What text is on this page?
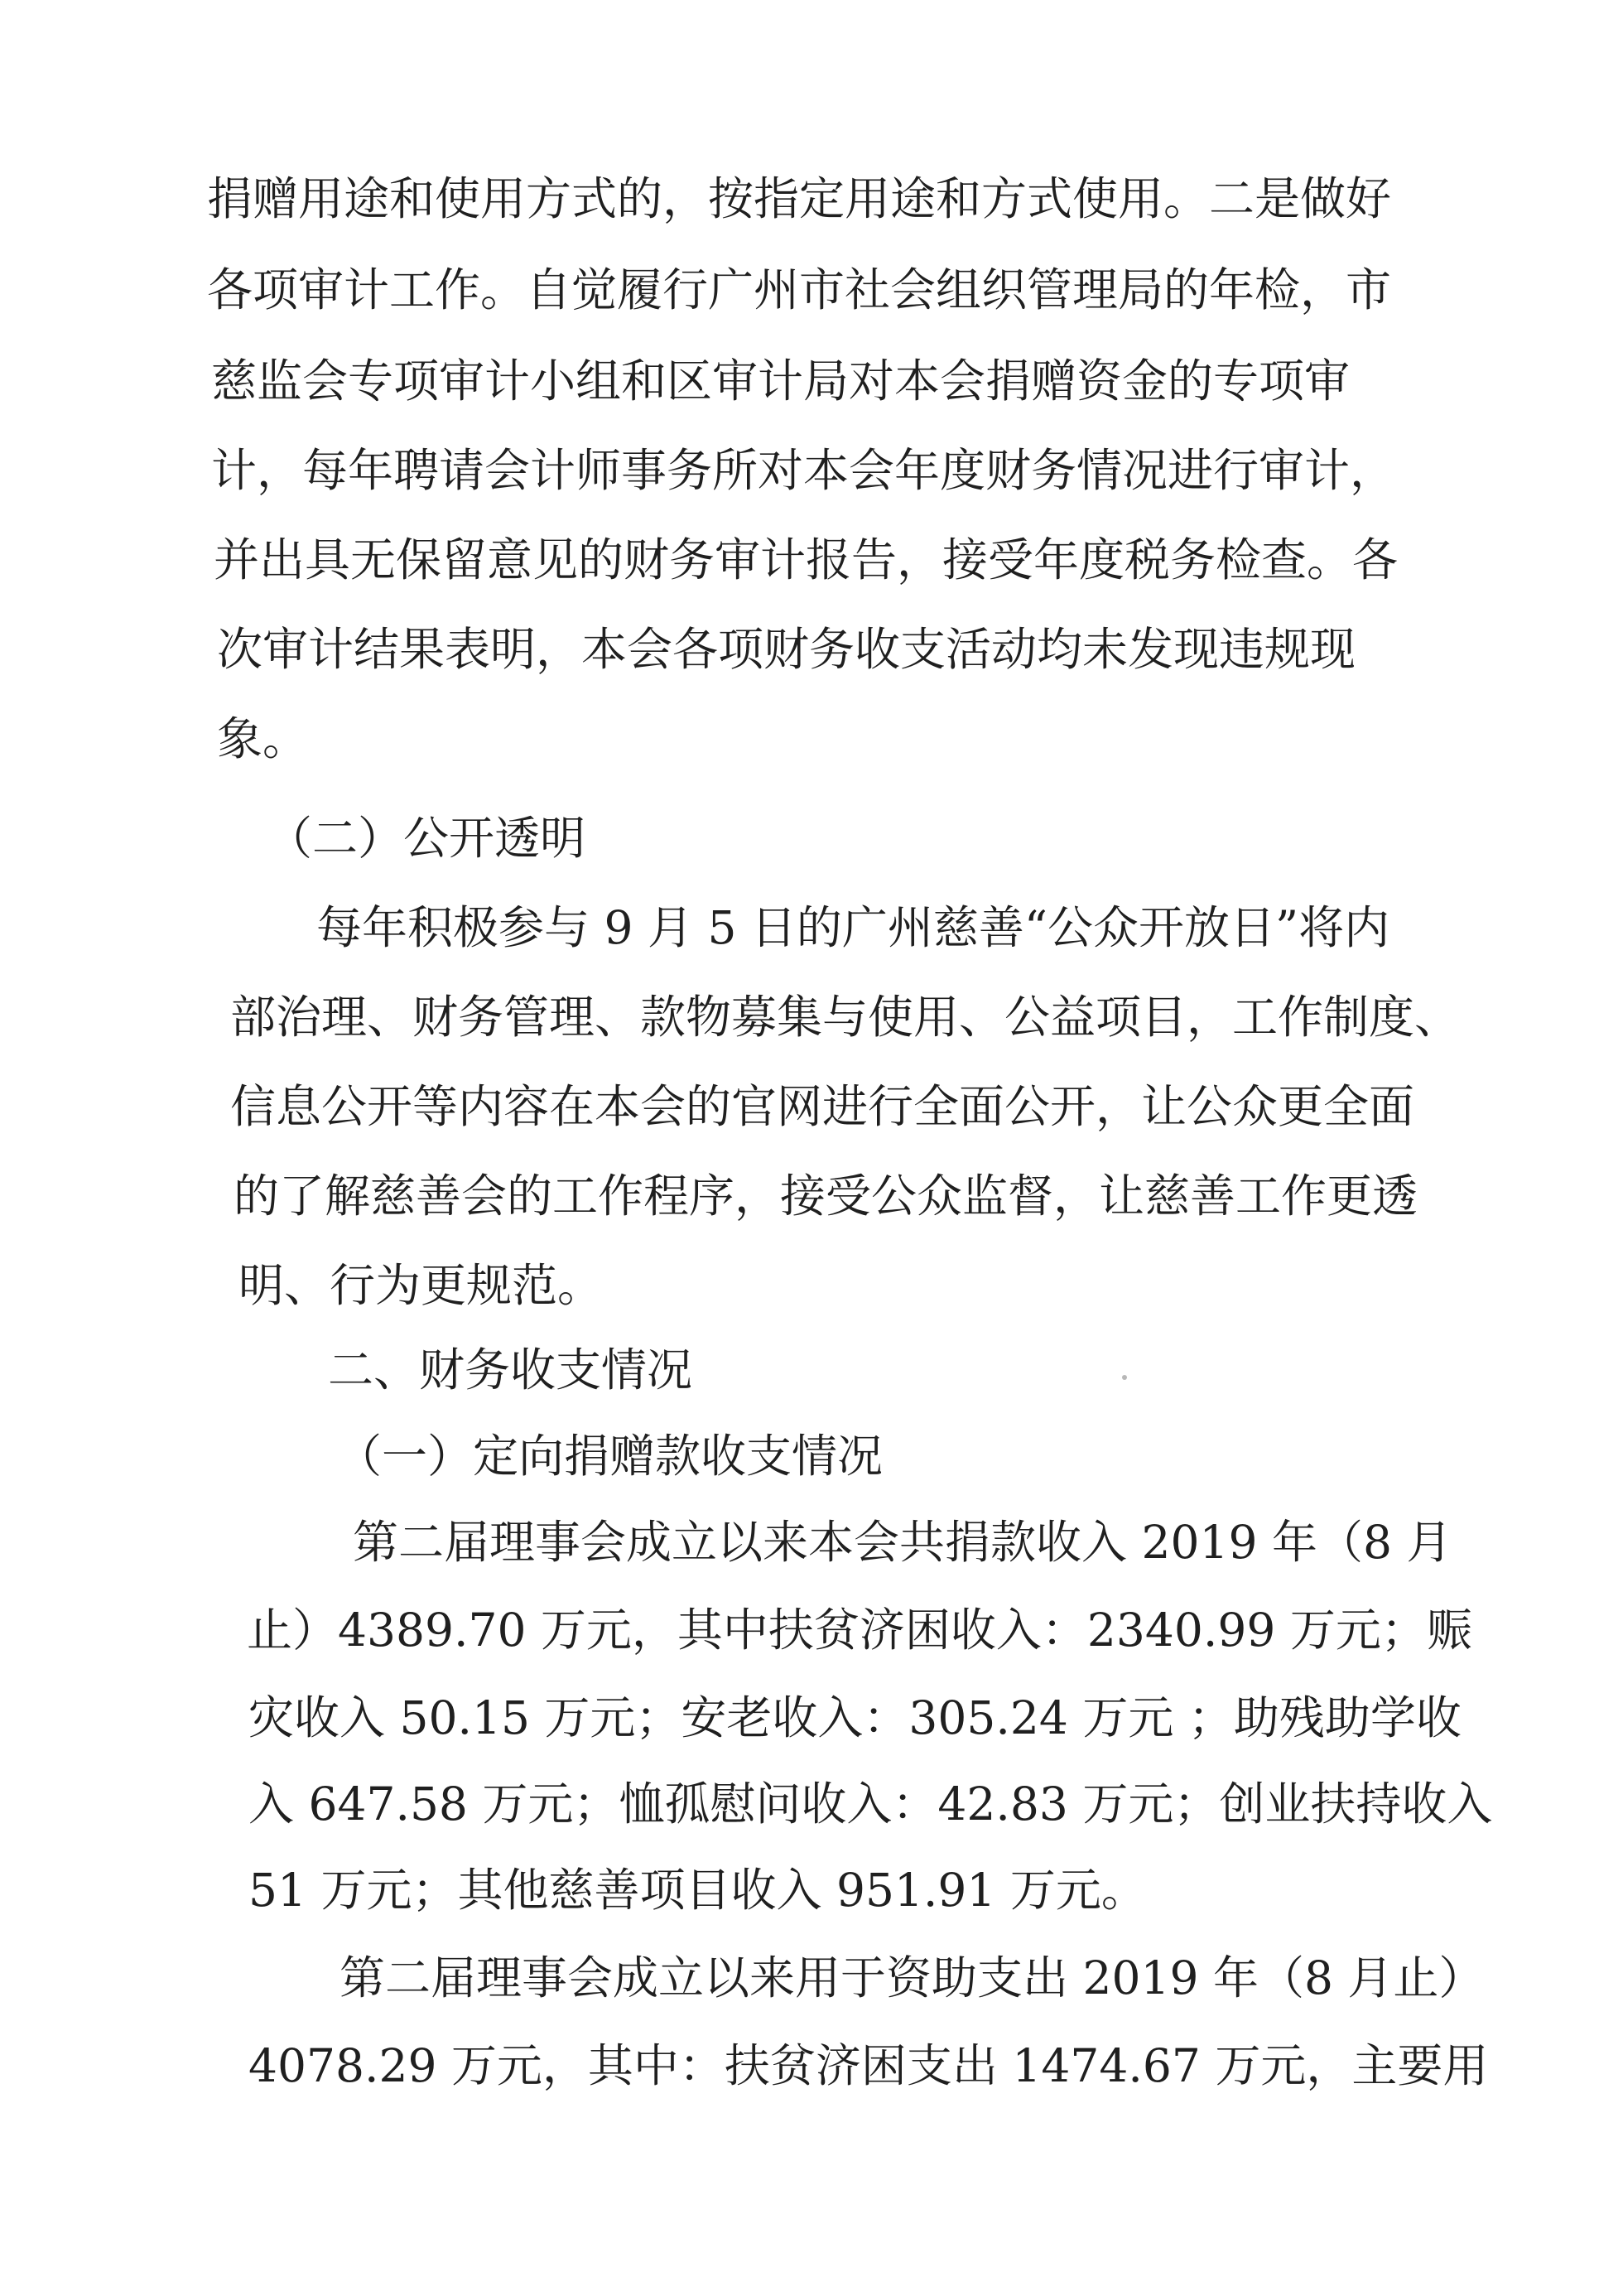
捐赠用途和使用方式的，按指定用途和方式使用。二是做好

各项审计工作。自觉履行广州市社会组织管理局的年检，市

慈监会专项审计小组和区审计局对本会捐赠资金的专项审

计，每年聘请会计师事务所对本会年度财务情况进行审计，

并出具无保留意见的财务审计报告，接受年度税务检查。各

次审计结果表明，本会各项财务收支活动均未发现违规现

象。

（二）公开透明

每年积极参与 9 月 5 日的广州慈善“公众开放日”将内

部治理、财务管理、款物募集与使用、公益项目，工作制度、

信息公开等内容在本会的官网进行全面公开，让公众更全面

的了解慈善会的工作程序，接受公众监督，让慈善工作更透

明、行为更规范。

二、财务收支情况

（一）定向捐赠款收支情况

第二届理事会成立以来本会共捐款收入 2019 年（8 月

止）4389.70 万元，其中扶贫济困收入：2340.99 万元；赈

灾收入 50.15 万元；安老收入：305.24 万元 ；助残助学收

入 647.58 万元；恤孤慰问收入：42.83 万元；创业扶持收入

51 万元；其他慈善项目收入 951.91 万元。

第二届理事会成立以来用于资助支出 2019 年（8 月止）

4078.29 万元，其中：扶贫济困支出 1474.67 万元，主要用
